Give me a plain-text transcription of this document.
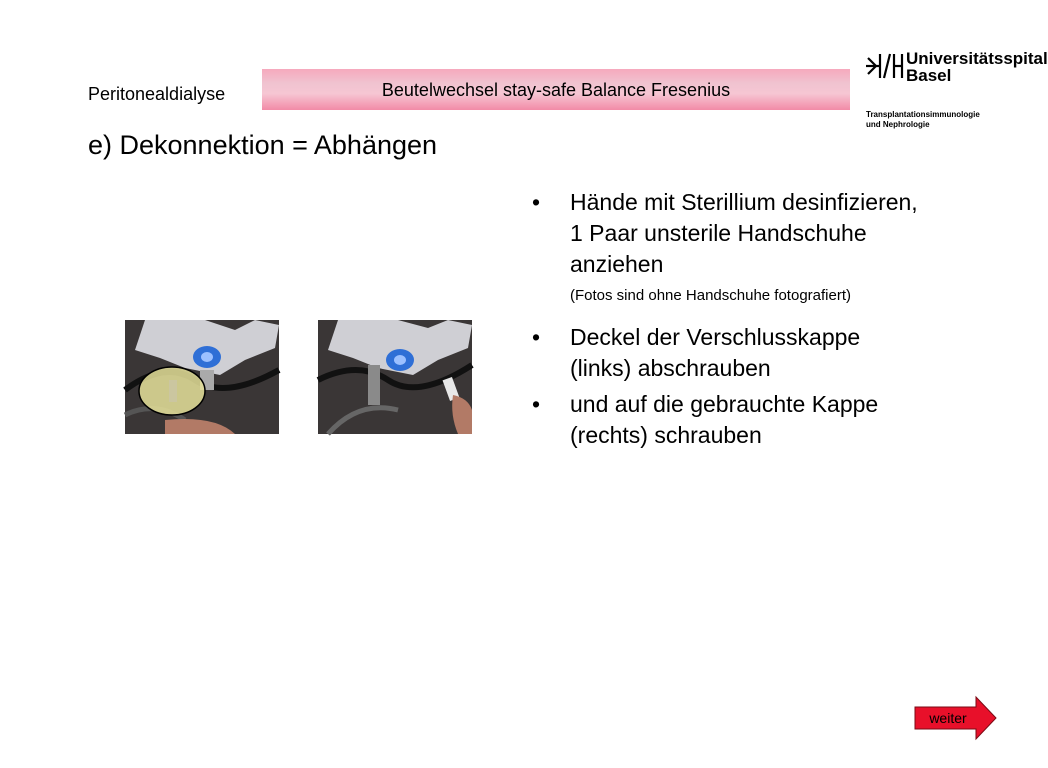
Peritonealdialyse	Beutelwechsel stay-safe Balance Fresenius
Universitätsspital
Basel
Transplantationsimmunologie
und Nephrologie
e) Dekonnektion = Abhängen
• Hände mit Sterillium desinfizieren,
1 Paar unsterile Handschuhe
anziehen
(Fotos sind ohne Handschuhe fotografiert)
• Deckel der Verschlusskappe
(links) abschrauben
• und auf die gebrauchte Kappe
(rechts) schrauben
weiter
